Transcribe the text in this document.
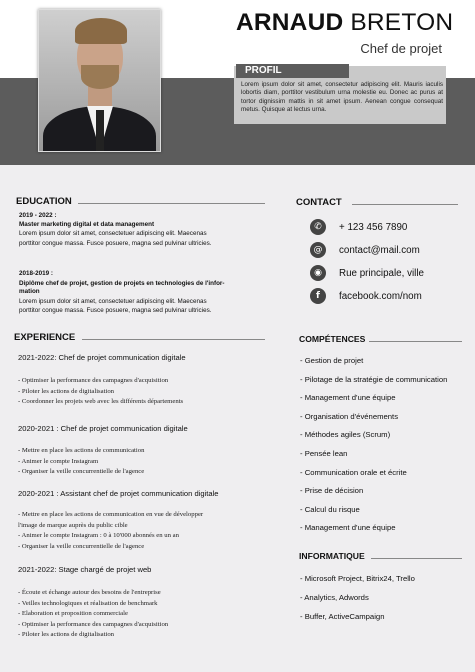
ARNAUD BRETON
Chef de projet
PROFIL
Lorem ipsum dolor sit amet, consectetur adipiscing elit. Mauris iaculis lobortis diam, porttitor vestibulum urna molestie eu. Donec ac purus at tortor dignissim mattis in sit amet ipsum. Aenean congue consequat metus. Quisque at lectus urna.
EDUCATION
2019 - 2022 :
Master marketing digital et data management
Lorem ipsum dolor sit amet, consectetuer adipiscing elit. Maecenas
porttitor congue massa. Fusce posuere, magna sed pulvinar ultricies.
2018-2019 :
Diplôme chef de projet, gestion de projets en technologies de l'infor-
mation
Lorem ipsum dolor sit amet, consectetuer adipiscing elit. Maecenas
porttitor congue massa. Fusce posuere, magna sed pulvinar ultricies.
EXPERIENCE
2021-2022: Chef de projet communication digitale
- Optimiser la performance des campagnes d'acquisition
- Piloter les actions de digitalisation
- Coordonner les projets web avec les différents départements
2020-2021 : Chef de projet communication digitale
- Mettre en place les actions de communication
- Animer le compte Instagram
- Organiser la veille concurrentielle de l'agence
2020-2021 : Assistant chef de projet communication digitale
- Mettre en place les actions de communication en vue de développer
l'image de marque auprès du public cible
- Animer le compte Instagram : 0 à 10'000 abonnés en un an
- Organiser la veille concurrentielle de l'agence
2021-2022: Stage chargé de projet web
- Écoute et échange autour des besoins de l'entreprise
- Veilles technologiques et réalisation de benchmark
- Elaboration et proposition commerciale
- Optimiser la performance des campagnes d'acquisition
- Piloter les actions de digitalisation
CONTACT
✆	+ 123 456 7890
@	contact@mail.com
◉	Rue principale, ville
f	facebook.com/nom
COMPÉTENCES
- Gestion de projet
- Pilotage de la stratégie de communication
- Management d'une équipe
- Organisation d'événements
- Méthodes agiles (Scrum)
- Pensée lean
- Communication orale et écrite
- Prise de décision
- Calcul du risque
- Management d'une équipe
INFORMATIQUE
- Microsoft Project, Bitrix24, Trello
- Analytics, Adwords
- Buffer, ActiveCampaign
